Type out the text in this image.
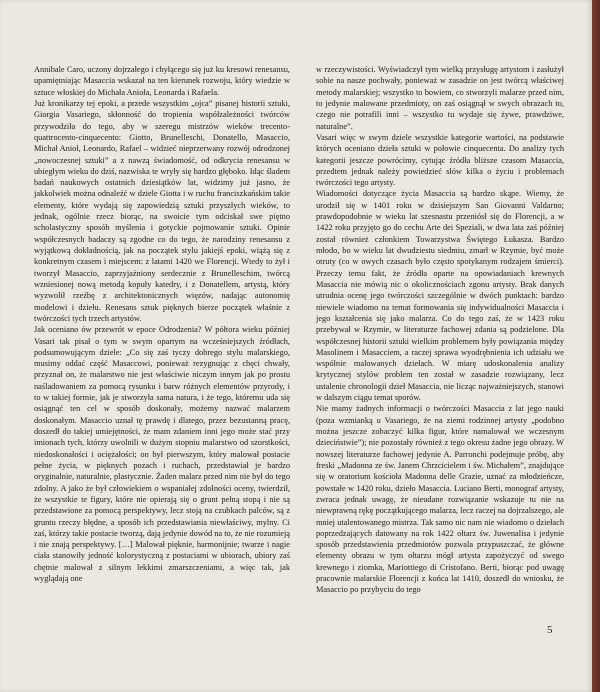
Annibale Caro, uczony dojrzałego i chyłącego się już ku kresowi renesansu, upamiętniając Masaccia wskazał na ten kierunek rozwoju, który wiedzie w sztuce włoskiej do Michała Anioła, Leonarda i Rafaela.

Już kronikarzy tej epoki, a przede wszystkim „ojca” pisanej historii sztuki, Giorgia Vasariego, skłonność do tropienia współzależności twórców przywodziła do tego, aby w szeregu mistrzów wieków trecento-quattrocento-cinquecento: Giotto, Brunelleschi, Donatello, Masaccio, Michał Anioł, Leonardo, Rafael – widzieć nieprzerwany rozwój odrodzonej „nowoczesnej sztuki” a z nawzą świadomość, od odkrycia renesansu w ubiegłym wieku do dziś, nazwiska te wryły się bardzo głęboko. Idąc śladem badań naukowych ostatnich dziesiątków lat, widzimy już jasno, że jakkolwiek można odnaleźć w dziele Giotta i w ruchu franciszkańskim takie elementy, które wydają się zapowiedzią sztuki przyszłych wieków, to jednak, ogólnie rzecz biorąc, na swoicie tym odciskał swe piętno scholastyczny sposób myślenia i gotyckie pojmowanie sztuki. Opinie współczesnych badaczy są zgodne co do tego, że narodziny renesansu z wyjątkową dokładnością, jak na początek stylu jakiejś epoki, wiążą się z konkretnym czasem i miejscem: z latami 1420 we Florencji. Wtedy to żył i tworzył Masaccio, zaprzyjaźniony serdecznie z Brunelleschim, twórcą wzniesionej nową metodą kopuły katedry, i z Donatellem, artystą, który wyzwolił rzeźbę z architektonicznych więzów, nadając autonomię modelowi i dziełu. Renesans sztuk pięknych bierze początek właśnie z twórczości tych trzech artystów.

Jak oceniano ów przewrót w epoce Odrodzenia? W półtora wieku później Vasari tak pisał o tym w swym opartym na wcześniejszych źródłach, podsumowującym dziele: „Co się zaś tyczy dobrego stylu malarskiego, musimy oddać część Masaccowi, ponieważ rezygnując z chęci chwały, przyznał on, że malarstwo nie jest właściwie niczym innym jak po prostu naśladowaniem za pomocą rysunku i barw różnych elementów przyrody, i to w takiej formie, jak je stworzyła sama natura, i że tego, któremu uda się osiągnąć ten cel w sposób doskonały, możemy nazwać malarzem doskonałym. Masaccio uznał tę prawdę i dlatego, przez bezustanną pracę, doszedł do takiej umiejętności, że mam zdaniem inni jego może stać przy imionach tych, którzy uwolnili w dużym stopniu malarstwo od szorstkości, niedoskonałości i ociężałości; on był pierwszym, który malował postacie pełne życia, w pięknych pozach i ruchach, przedstawiał je bardzo oryginalnie, naturalnie, plastycznie. Żaden malarz przed nim nie był do tego zdolny. A jako że był człowiekiem o wspaniałej zdolności oceny, twierdził, że wszystkie te figury, które nie opierają się o grunt pełną stopą i nie są przedstawione za pomocą perspektywy, lecz stoją na czubkach palców, są z gruntu rzeczy błędne, a sposób ich przedstawiania niewłaściwy, mylny. Ci zaś, którzy takie postacie tworzą, dają jedynie dowód na to, że nie rozumieją i nie znają perspektywy. […] Malował pięknie, harmonijnie; twarze i nagie ciała stanowiły jedność kolorystyczną z postaciami w ubiorach, ubiory zaś chętnie malował z silnym lekkimi zmarszczeniami, a więc tak, jak wyglądają one

w rzeczywistości. Wyświadczył tym wielką przysługę artystom i zasłużył sobie na nasze pochwały, ponieważ w zasadzie on jest twórcą właściwej metody malarskiej; wszystko to bowiem, co stworzyli malarze przed nim, to jedynie malowane przedmioty, on zaś osiągnął w swych obrazach to, czego nie potrafili inni – wszystko tu wydaje się żywe, prawdziwe, naturalne”.

Vasari więc w swym dziele wszystkie kategorie wartości, na podstawie których oceniano dzieła sztuki w połowie cinquecenta. Do analizy tych kategorii jeszcze powrócimy, cytując źródła bliższe czasom Masaccia, przedtem jednak należy powiedzieć słów kilka o życiu i problemach twórczości tego artysty.

Wiadomości dotyczące życia Masaccia są bardzo skąpe. Wiemy, że urodził się w 1401 roku w dzisiejszym San Giovanni Valdarno; prawdopodobnie w wieku lat szesnastu przeniósł się do Florencji, a w 1422 roku przyjęto go do cechu Arte dei Speziali, w dwa lata zaś później został również członkiem Towarzystwa Świętego Łukasza. Bardzo młodo, bo w wieku lat dwudziestu siedmiu, zmarł w Rzymie, być może otruty (co w owych czasach było często spotykanym rodzajem śmierci). Przeczy temu fakt, że źródła oparte na opowiadaniach krewnych Masaccia nie mówią nic o okolicznościach zgonu artysty. Brak danych utrudnia ocenę jego twórczości szczególnie w dwóch punktach: bardzo niewiele wiadomo na temat formowania się indywidualności Masaccia i jego kształcenia się jako malarza. Co do tego zaś, że w 1423 roku przebywał w Rzymie, w literaturze fachowej zdania są podzielone. Dla współczesnej historii sztuki wielkim problemem były powiązania między Masolinem i Masacciem, a raczej sprawa wyodrębnienia ich udziału we wspólnie malowanych dziełach. W miarę udoskonalenia analizy krytycznej stylów problem ten został w zasadzie rozwiązany, lecz ustalenie chronologii dzieł Masaccia, nie licząc najważniejszych, stanowi w dalszym ciągu temat sporów.

Nie mamy żadnych informacji o twórczości Masaccia z lat jego nauki (poza wzmianką u Vasariego, że na ziemi rodzinnej artysty „podobno można jeszcze zobaczyć kilka figur, które namalował we wczesnym dzieciństwie”); nie pozostały również z tego okresu żadne jego obrazy. W nowszej literaturze fachowej jedynie A. Parronchi podejmuje próbę, aby freski „Madonna ze św. Janem Chrzcicielem i św. Michałem”, znajdujące się w oratorium kościoła Madonna delle Grazie, uznać za młodzieńcze, powstałe w 1420 roku, dzieło Masaccia. Luciano Berti, monograf artysty, zwraca jednak uwagę, że nieudane rozwiązanie wskazuje tu nie na niewprawną rękę początkującego malarza, lecz raczej na dojrzalszego, ale mniej utalentowanego mistrza. Tak samo nic nam nie wiadomo o dziełach poprzedzających datowany na rok 1422 ołtarz św. Juwenalisa i jedynie sposób przedstawienia przedmiotów pozwala przypuszczać, że główne elementy obrazu w tym ołtarzu mógł artysta zapożyczyć od swego krewnego i ziomka, Mariottiego di Cristofano. Berti, biorąc pod uwagę pracownie malarskie Florencji z końca lat 1410, doszedł do wniosku, że Masaccio po przybyciu do tego

5
